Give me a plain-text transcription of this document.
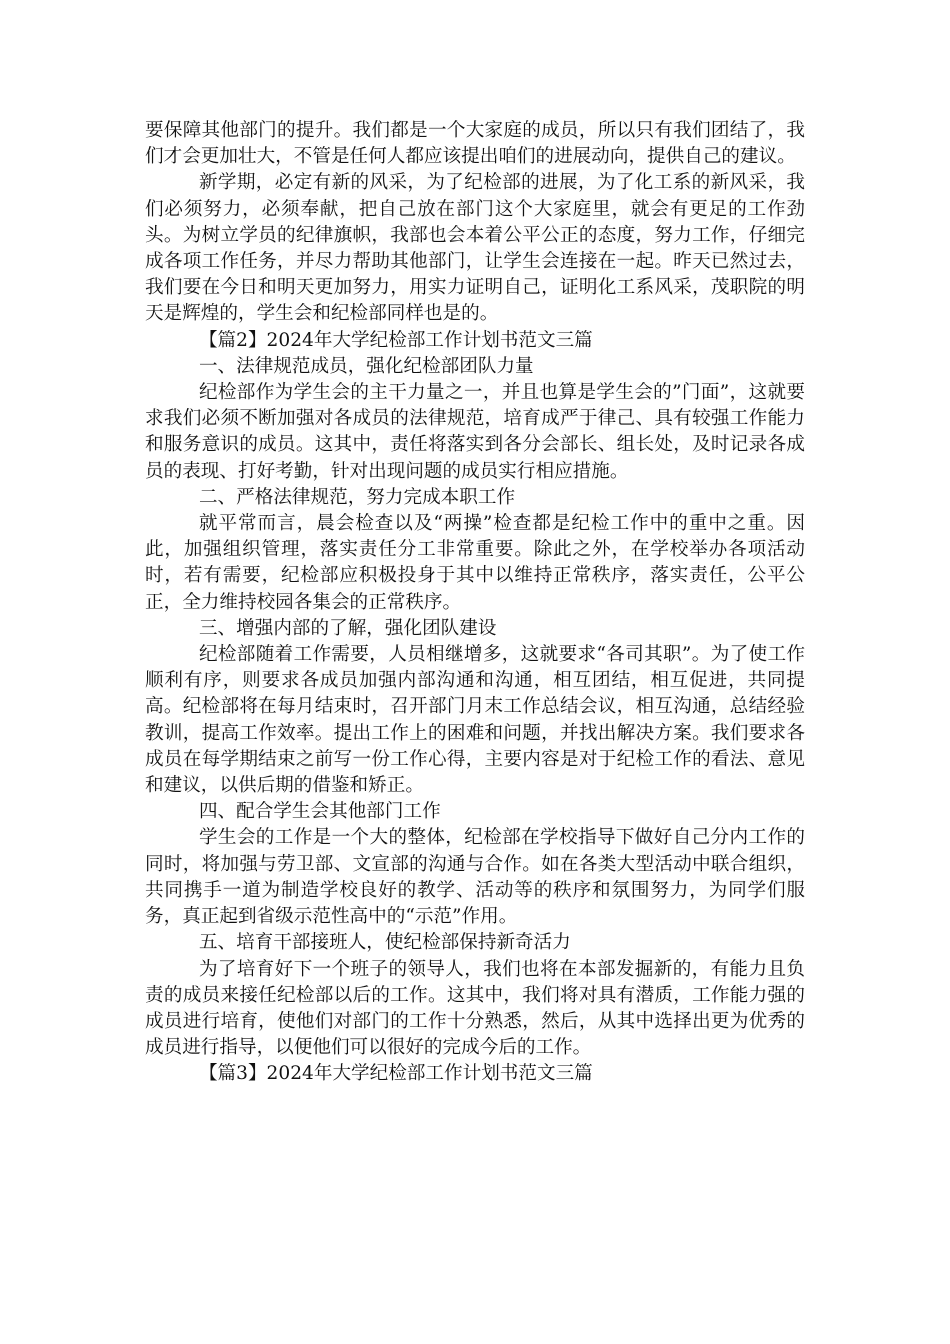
要保障其他部门的提升。我们都是一个大家庭的成员，所以只有我们团结了，我们才会更加壮大，不管是任何人都应该提出咱们的进展动向，提供自己的建议。

新学期，必定有新的风采，为了纪检部的进展，为了化工系的新风采，我们必须努力，必须奉献，把自己放在部门这个大家庭里，就会有更足的工作劲头。为树立学员的纪律旗帜，我部也会本着公平公正的态度，努力工作，仔细完成各项工作任务，并尽力帮助其他部门，让学生会连接在一起。昨天已然过去，我们要在今日和明天更加努力，用实力证明自己，证明化工系风采，茂职院的明天是辉煌的，学生会和纪检部同样也是的。

【篇2】2024年大学纪检部工作计划书范文三篇

一、法律规范成员，强化纪检部团队力量

纪检部作为学生会的主干力量之一，并且也算是学生会的”门面”，这就要求我们必须不断加强对各成员的法律规范，培育成严于律己、具有较强工作能力和服务意识的成员。这其中，责任将落实到各分会部长、组长处，及时记录各成员的表现、打好考勤，针对出现问题的成员实行相应措施。

二、严格法律规范，努力完成本职工作

就平常而言，晨会检查以及“两操”检查都是纪检工作中的重中之重。因此，加强组织管理，落实责任分工非常重要。除此之外，在学校举办各项活动时，若有需要，纪检部应积极投身于其中以维持正常秩序，落实责任，公平公正，全力维持校园各集会的正常秩序。

三、增强内部的了解，强化团队建设

纪检部随着工作需要，人员相继增多，这就要求“各司其职”。为了使工作顺利有序，则要求各成员加强内部沟通和沟通，相互团结，相互促进，共同提高。纪检部将在每月结束时，召开部门月末工作总结会议，相互沟通，总结经验教训，提高工作效率。提出工作上的困难和问题，并找出解决方案。我们要求各成员在每学期结束之前写一份工作心得，主要内容是对于纪检工作的看法、意见和建议，以供后期的借鉴和矫正。

四、配合学生会其他部门工作

学生会的工作是一个大的整体，纪检部在学校指导下做好自己分内工作的同时，将加强与劳卫部、文宣部的沟通与合作。如在各类大型活动中联合组织，共同携手一道为制造学校良好的教学、活动等的秩序和氛围努力，为同学们服务，真正起到省级示范性高中的“示范”作用。

五、培育干部接班人，使纪检部保持新奇活力

为了培育好下一个班子的领导人，我们也将在本部发掘新的，有能力且负责的成员来接任纪检部以后的工作。这其中，我们将对具有潜质，工作能力强的成员进行培育，使他们对部门的工作十分熟悉，然后，从其中选择出更为优秀的成员进行指导，以便他们可以很好的完成今后的工作。

【篇3】2024年大学纪检部工作计划书范文三篇
